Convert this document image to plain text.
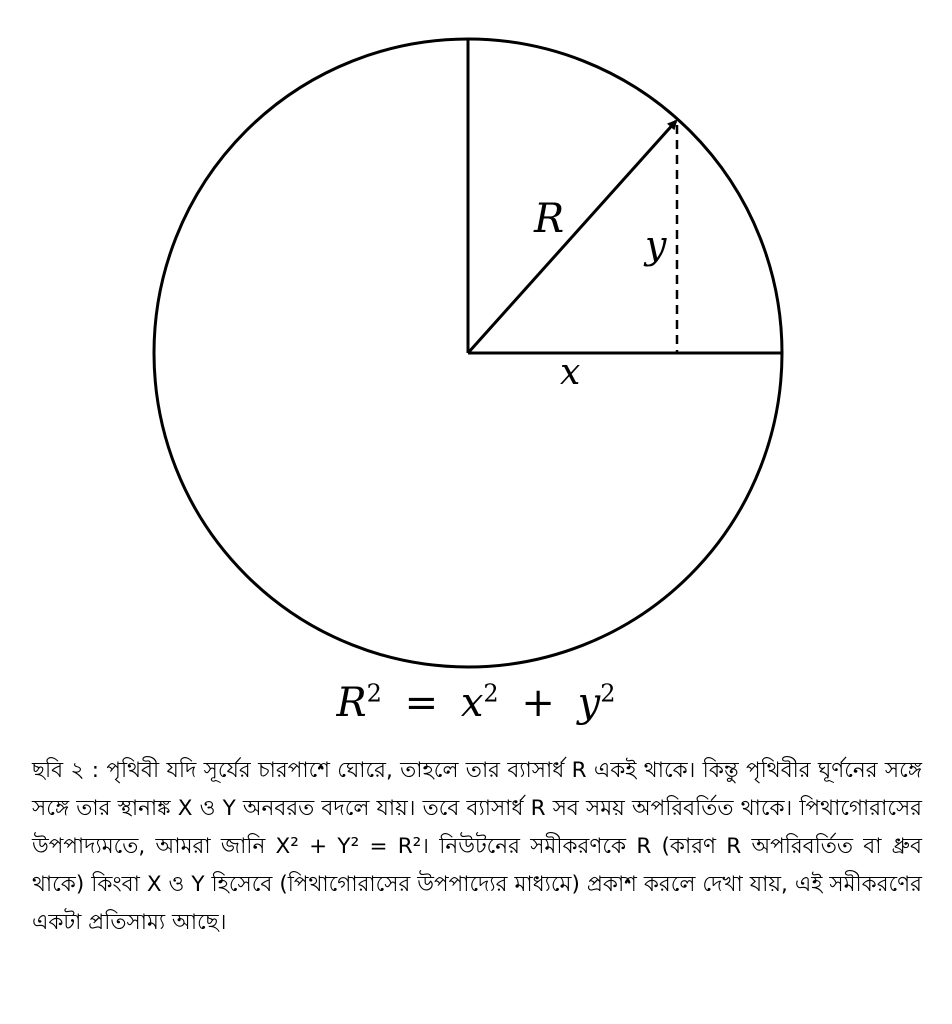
R
y
x
$R^2 = x^2 + y^2$

ছবি ২ : পৃথিবী যদি সূর্যের চারপাশে ঘোরে, তাহলে তার ব্যাসার্ধ R একই থাকে। কিন্তু পৃথিবীর ঘূর্ণনের সঙ্গে সঙ্গে তার স্থানাঙ্ক X ও Y অনবরত বদলে যায়। তবে ব্যাসার্ধ R সব সময় অপরিবর্তিত থাকে। পিথাগোরাসের উপপাদ্যমতে, আমরা জানি X² + Y² = R²। নিউটনের সমীকরণকে R (কারণ R অপরিবর্তিত বা ধ্রুব থাকে) কিংবা X ও Y হিসেবে (পিথাগোরাসের উপপাদ্যের মাধ্যমে) প্রকাশ করলে দেখা যায়, এই সমীকরণের একটা প্রতিসাম্য আছে।
